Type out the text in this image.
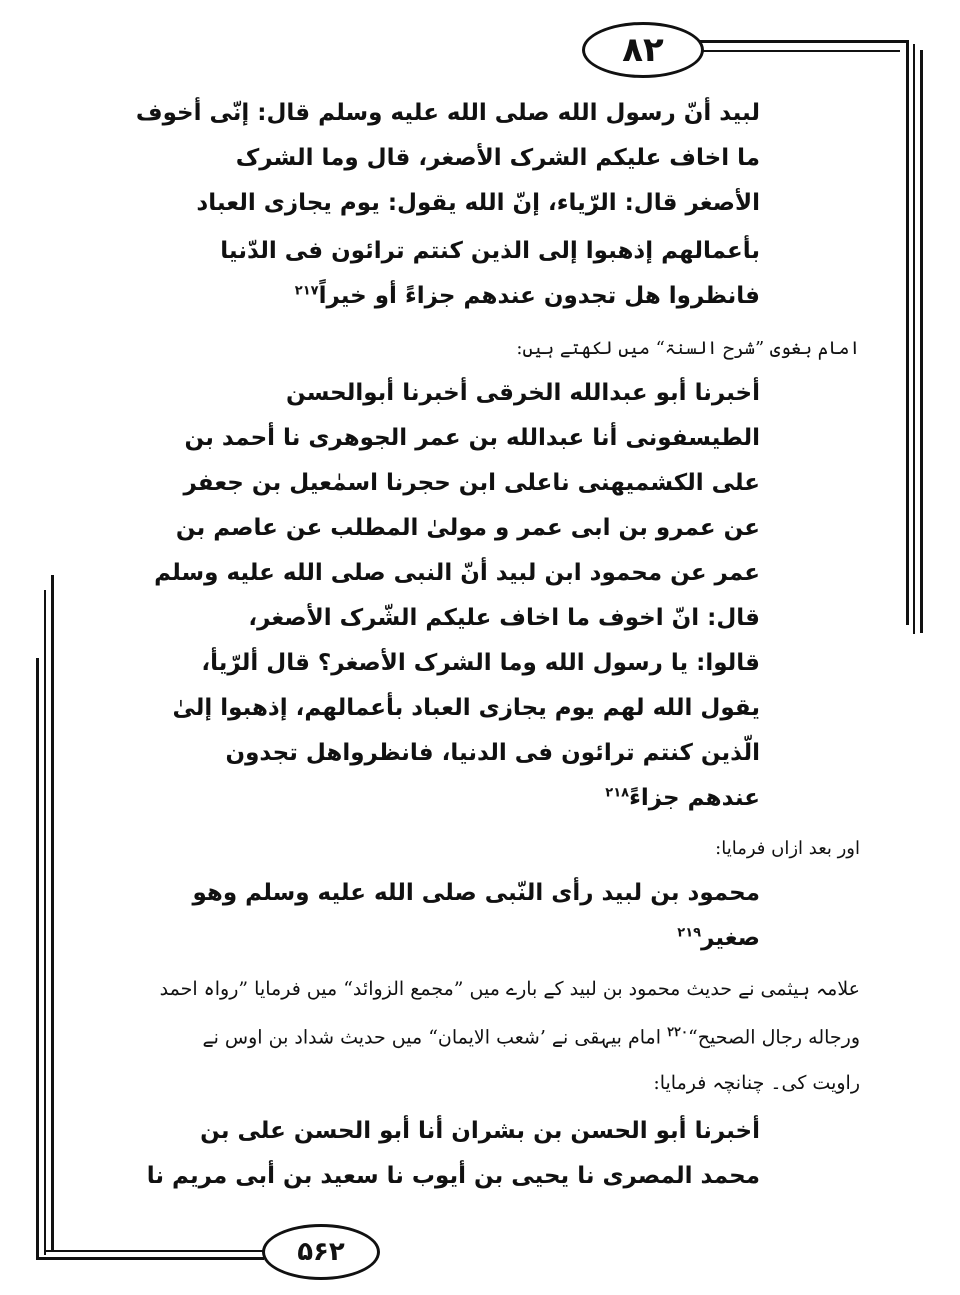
۸۲
۵۶۲
لبيد أنّ رسول الله صلى الله عليه وسلم قال: إنّى أخوف
ما اخاف عليكم الشرک الأصغر، قال وما الشرک
الأصغر قال: الرّياء، إنّ الله يقول: يوم يجازى العباد
بأعمالهم إذهبوا إلى الذين كنتم ترائون فى الدّنيا
فانظروا هل تجدون عندهم جزاءً أو خيراً$^{۲۱۷}$
امام بغوی ”شرح السنۃ“ میں لکھتے ہیں:
أخبرنا أبو عبدالله الخرقى أخبرنا أبوالحسن
الطيسفونى أنا عبدالله بن عمر الجوهرى نا أحمد بن
على الكشميهنى ناعلى ابن حجرنا اسمٰعيل بن جعفر
عن عمرو بن ابى عمر و مولىٰ المطلب عن عاصم بن
عمر عن محمود ابن لبيد أنّ النبى صلى الله عليه وسلم
قال: انّ اخوف ما اخاف عليكم الشّرک الأصغر،
قالوا: يا رسول الله وما الشرک الأصغر؟ قال ألرّيأ،
يقول الله لهم يوم يجازى العباد بأعمالهم، إذهبوا إلىٰ
الّذين كنتم ترائون فى الدنيا، فانظرواهل تجدون
عندهم جزاءً$^{۲۱۸}$
اور بعد ازاں فرمایا:
محمود بن لبيد رأى النّبى صلى الله عليه وسلم وهو
صغير$^{۲۱۹}$
علامہ ہیثمی نے حدیث محمود بن لبید کے بارے میں ”مجمع الزوائد“ میں فرمایا ”رواہ احمد
ورجاله رجال الصحيح“$^{۲۲۰}$ امام بیہقی نے ’شعب الایمان“ میں حدیث شداد بن اوس نے
راویت کی۔ چنانچہ فرمایا:
أخبرنا أبو الحسن بن بشران أنا أبو الحسن على بن
محمد المصرى نا يحيى بن أيوب نا سعيد بن أبى مريم نا
